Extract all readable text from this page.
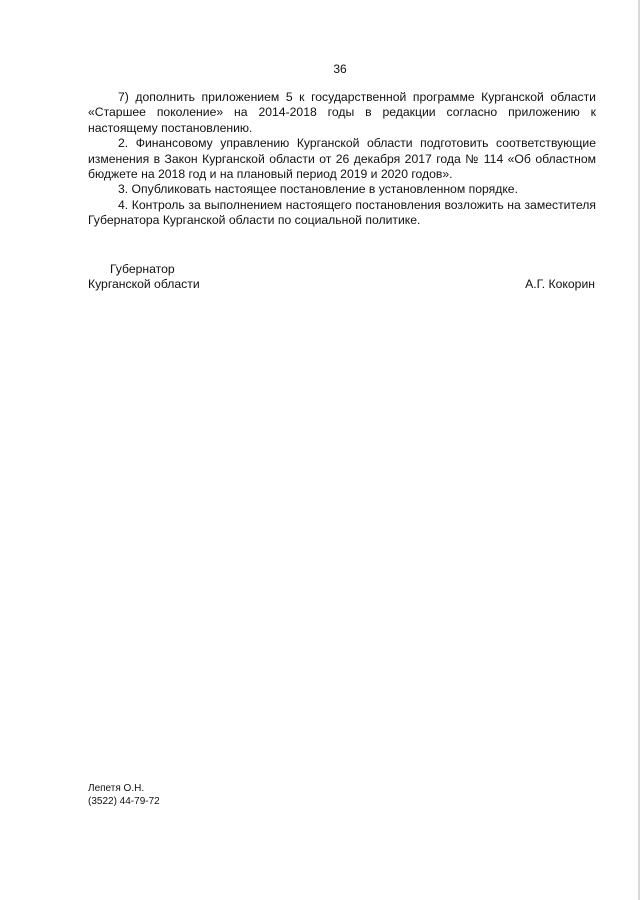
36

7) дополнить приложением 5 к государственной программе Курганской области «Старшее поколение» на 2014-2018 годы в редакции согласно приложению к настоящему постановлению.

2. Финансовому управлению Курганской области подготовить соответствующие изменения в Закон Курганской области от 26 декабря 2017 года № 114 «Об областном бюджете на 2018 год и на плановый период 2019 и 2020 годов».

3. Опубликовать настоящее постановление в установленном порядке.

4. Контроль за выполнением настоящего постановления возложить на заместителя Губернатора Курганской области по социальной политике.

Губернатор
Курганской области	А.Г. Кокорин
Лепетя О.Н.
(3522) 44-79-72
